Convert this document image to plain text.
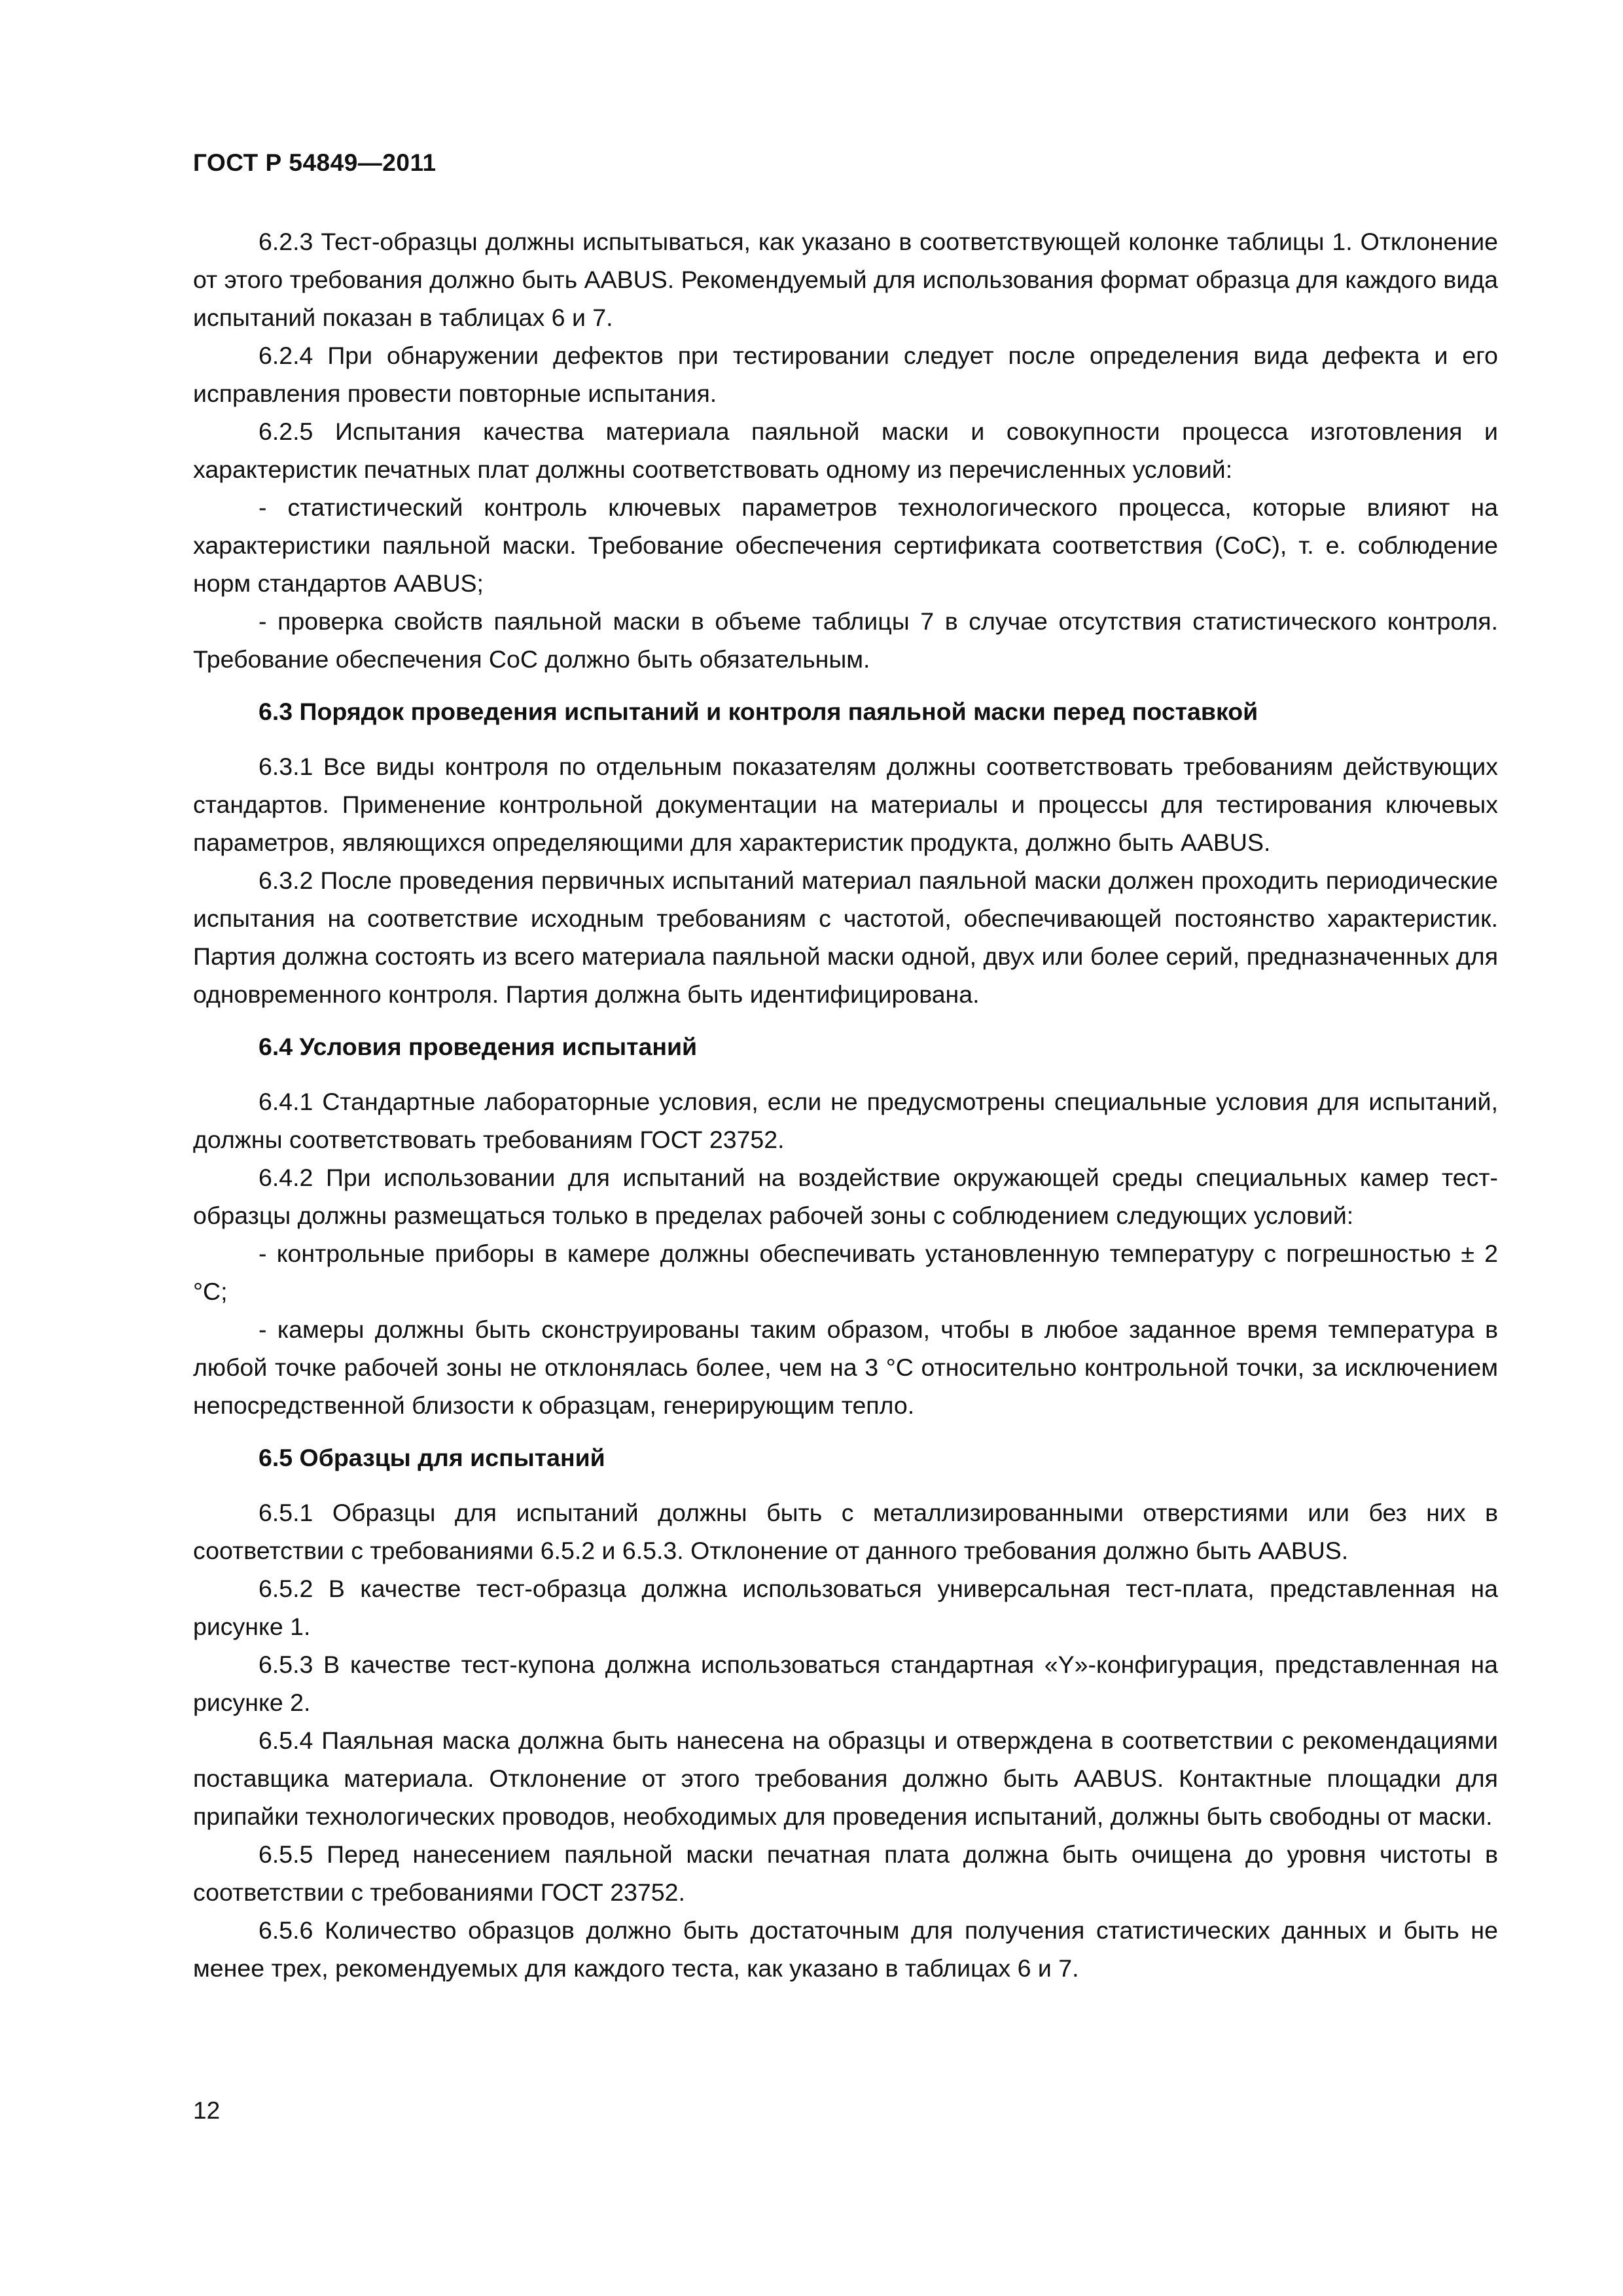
ГОСТ Р 54849—2011

6.2.3 Тест-образцы должны испытываться, как указано в соответствующей колонке таблицы 1. Отклонение от этого требования должно быть AABUS. Рекомендуемый для использования формат образца для каждого вида испытаний показан в таблицах 6 и 7.

6.2.4 При обнаружении дефектов при тестировании следует после определения вида дефекта и его исправления провести повторные испытания.

6.2.5 Испытания качества материала паяльной маски и совокупности процесса изготовления и характеристик печатных плат должны соответствовать одному из перечисленных условий:

- статистический контроль ключевых параметров технологического процесса, которые влияют на характеристики паяльной маски. Требование обеспечения сертификата соответствия (CoC), т. е. соблюдение норм стандартов AABUS;

- проверка свойств паяльной маски в объеме таблицы 7 в случае отсутствия статистического контроля. Требование обеспечения CoC должно быть обязательным.

6.3 Порядок проведения испытаний и контроля паяльной маски перед поставкой

6.3.1 Все виды контроля по отдельным показателям должны соответствовать требованиям действующих стандартов. Применение контрольной документации на материалы и процессы для тестирования ключевых параметров, являющихся определяющими для характеристик продукта, должно быть AABUS.

6.3.2 После проведения первичных испытаний материал паяльной маски должен проходить периодические испытания на соответствие исходным требованиям с частотой, обеспечивающей постоянство характеристик. Партия должна состоять из всего материала паяльной маски одной, двух или более серий, предназначенных для одновременного контроля. Партия должна быть идентифицирована.

6.4 Условия проведения испытаний

6.4.1 Стандартные лабораторные условия, если не предусмотрены специальные условия для испытаний, должны соответствовать требованиям ГОСТ 23752.

6.4.2 При использовании для испытаний на воздействие окружающей среды специальных камер тест-образцы должны размещаться только в пределах рабочей зоны с соблюдением следующих условий:

- контрольные приборы в камере должны обеспечивать установленную температуру с погрешностью ± 2 °С;

- камеры должны быть сконструированы таким образом, чтобы в любое заданное время температура в любой точке рабочей зоны не отклонялась более, чем на 3 °С относительно контрольной точки, за исключением непосредственной близости к образцам, генерирующим тепло.

6.5 Образцы для испытаний

6.5.1 Образцы для испытаний должны быть с металлизированными отверстиями или без них в соответствии с требованиями 6.5.2 и 6.5.3. Отклонение от данного требования должно быть AABUS.

6.5.2 В качестве тест-образца должна использоваться универсальная тест-плата, представленная на рисунке 1.

6.5.3 В качестве тест-купона должна использоваться стандартная «Y»-конфигурация, представленная на рисунке 2.

6.5.4 Паяльная маска должна быть нанесена на образцы и отверждена в соответствии с рекомендациями поставщика материала. Отклонение от этого требования должно быть AABUS. Контактные площадки для припайки технологических проводов, необходимых для проведения испытаний, должны быть свободны от маски.

6.5.5 Перед нанесением паяльной маски печатная плата должна быть очищена до уровня чистоты в соответствии с требованиями ГОСТ 23752.

6.5.6 Количество образцов должно быть достаточным для получения статистических данных и быть не менее трех, рекомендуемых для каждого теста, как указано в таблицах 6 и 7.

12
